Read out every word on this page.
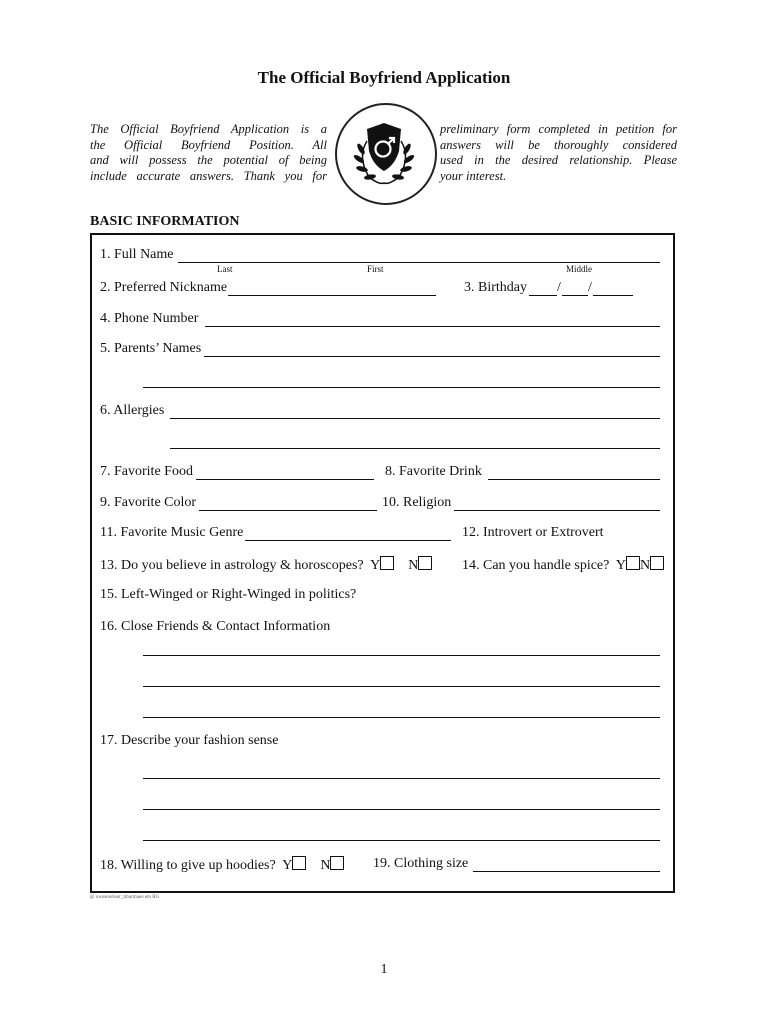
The Official Boyfriend Application
The Official Boyfriend Application is a
the Official Boyfriend Position. All
and will possess the potential of being
include accurate answers. Thank you for
preliminary form completed in petition for
answers will be thoroughly considered
used in the desired relationship. Please
your interest.
BASIC INFORMATION
1. Full Name
Last	First	Middle
2. Preferred Nickname	3. Birthday / /
4. Phone Number
5. Parents’ Names
6. Allergies
7. Favorite Food	8. Favorite Drink
9. Favorite Color	10. Religion
11. Favorite Music Genre	12. Introvert or Extrovert
13. Do you believe in astrology & horoscopes? Y N	14. Can you handle spice? Y N
15. Left-Winged or Right-Winged in politics?
16. Close Friends & Contact Information
17. Describe your fashion sense
18. Willing to give up hoodies? Y N	19. Clothing size
@ uwusoorieur_tmurmaeo em RG
1
